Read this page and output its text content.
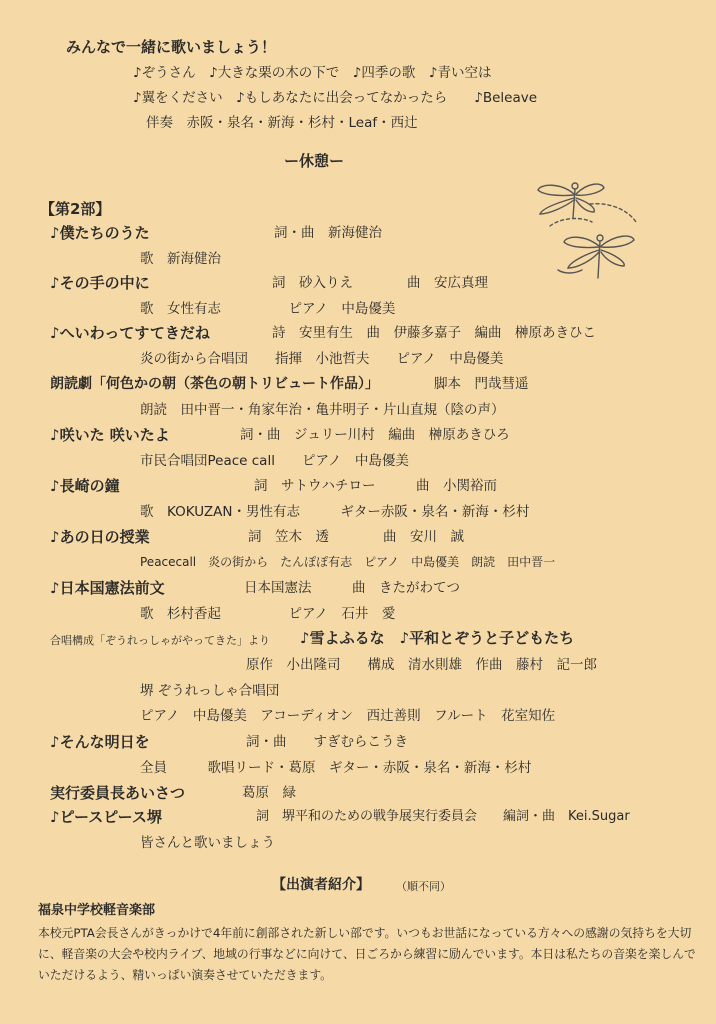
みんなで一緒に歌いましょう！
♪ぞうさん　♪大きな栗の木の下で　♪四季の歌　♪青い空は
♪翼をください　♪もしあなたに出会ってなかったら　　♪Beleave
伴奏　赤阪・泉名・新海・杉村・Leaf・西辻
ー休憩ー
【第2部】
♪僕たちのうた	詞・曲　新海健治
歌　新海健治
♪その手の中に	詞　砂入りえ　　　　曲　安広真理
歌　女性有志　　　　　ピアノ　中島優美
♪へいわってすてきだね	詩　安里有生　曲　伊藤多嘉子　編曲　榊原あきひこ
炎の街から合唱団　　指揮　小池哲夫　　ピアノ　中島優美
朗読劇「何色かの朝（茶色の朝トリビュート作品）」	脚本　門哉彗遥
朗読　田中晋一・角家年治・亀井明子・片山直規（陰の声）
♪咲いた 咲いたよ	詞・曲　ジュリー川村　編曲　榊原あきひろ
市民合唱団Peace call　　ピアノ　中島優美
♪長崎の鐘	詞　サトウハチロー　　　曲　小関裕而
歌　KOKUZAN・男性有志　　　ギター赤阪・泉名・新海・杉村
♪あの日の授業	詞　笠木　透　　　　曲　安川　誠
Peacecall　炎の街から　たんぽぽ有志　ピアノ　中島優美　朗読　田中晋一
♪日本国憲法前文	日本国憲法　　　曲　きたがわてつ
歌　杉村香起　　　　　ピアノ　石井　愛
合唱構成「ぞうれっしゃがやってきた」より ♪雪よふるな　♪平和とぞうと子どもたち
原作　小出隆司　　構成　清水則雄　作曲　藤村　記一郎
堺 ぞうれっしゃ合唱団
ピアノ　中島優美　アコーディオン　西辻善則　フルート　花室知佐
♪そんな明日を	詞・曲　　すぎむらこうき
全員　　　歌唱リード・葛原　ギター・赤阪・泉名・新海・杉村
実行委員長あいさつ	葛原　緑
♪ピースピース堺	詞　堺平和のための戦争展実行委員会　　編詞・曲　Kei.Sugar
皆さんと歌いましょう
【出演者紹介】 （順不同）
福泉中学校軽音楽部
本校元PTA会長さんがきっかけで4年前に創部された新しい部です。いつもお世話になっている方々への感謝の気持ちを大切に、軽音楽の大会や校内ライブ、地域の行事などに向けて、日ごろから練習に励んでいます。本日は私たちの音楽を楽しんでいただけるよう、精いっぱい演奏させていただきます。
